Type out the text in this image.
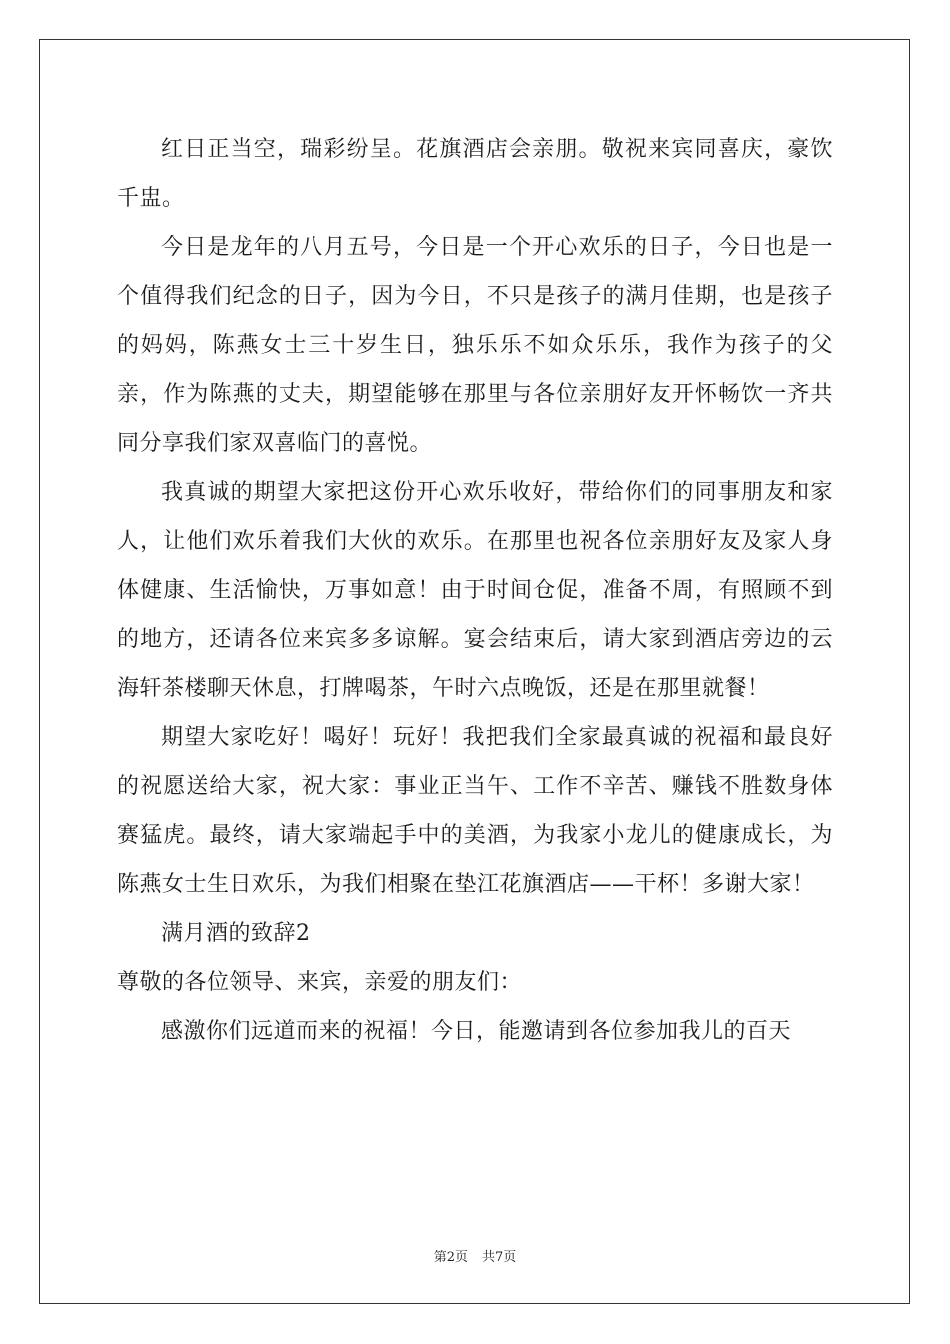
红日正当空，瑞彩纷呈。花旗酒店会亲朋。敬祝来宾同喜庆，豪饮千盅。

今日是龙年的八月五号，今日是一个开心欢乐的日子，今日也是一个值得我们纪念的日子，因为今日，不只是孩子的满月佳期，也是孩子的妈妈，陈燕女士三十岁生日，独乐乐不如众乐乐，我作为孩子的父亲，作为陈燕的丈夫，期望能够在那里与各位亲朋好友开怀畅饮一齐共同分享我们家双喜临门的喜悦。

我真诚的期望大家把这份开心欢乐收好，带给你们的同事朋友和家人，让他们欢乐着我们大伙的欢乐。在那里也祝各位亲朋好友及家人身体健康、生活愉快，万事如意！由于时间仓促，准备不周，有照顾不到的地方，还请各位来宾多多谅解。宴会结束后，请大家到酒店旁边的云海轩茶楼聊天休息，打牌喝茶，午时六点晚饭，还是在那里就餐！

期望大家吃好！喝好！玩好！我把我们全家最真诚的祝福和最良好的祝愿送给大家，祝大家：事业正当午、工作不辛苦、赚钱不胜数身体赛猛虎。最终，请大家端起手中的美酒，为我家小龙儿的健康成长，为陈燕女士生日欢乐，为我们相聚在垫江花旗酒店——干杯！多谢大家！

满月酒的致辞2

尊敬的各位领导、来宾，亲爱的朋友们：

感激你们远道而来的祝福！今日，能邀请到各位参加我儿的百天

第2页 共7页
